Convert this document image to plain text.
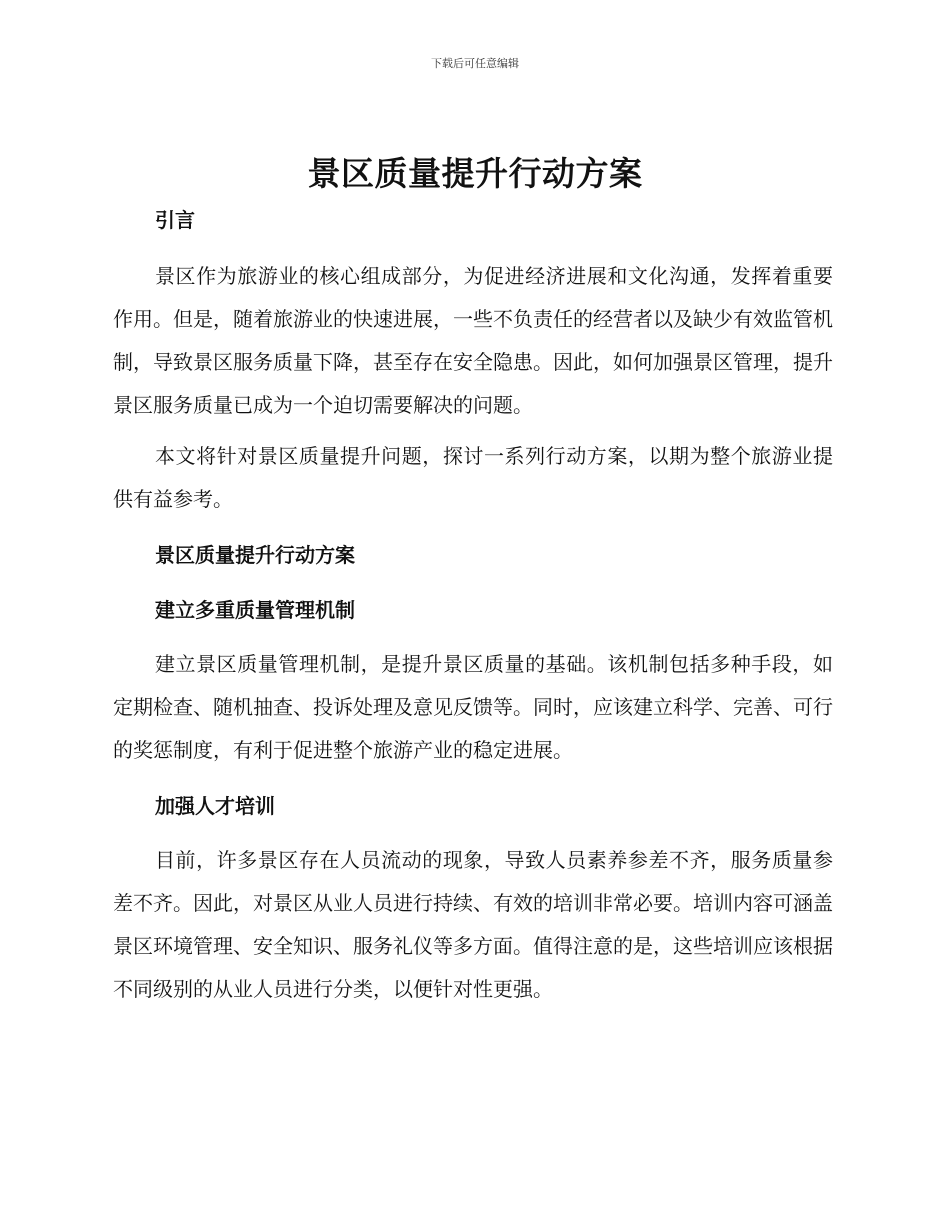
下载后可任意编辑
景区质量提升行动方案

引言

景区作为旅游业的核心组成部分，为促进经济进展和文化沟通，发挥着重要作用。但是，随着旅游业的快速进展，一些不负责任的经营者以及缺少有效监管机制，导致景区服务质量下降，甚至存在安全隐患。因此，如何加强景区管理，提升景区服务质量已成为一个迫切需要解决的问题。

本文将针对景区质量提升问题，探讨一系列行动方案，以期为整个旅游业提供有益参考。

景区质量提升行动方案

建立多重质量管理机制

建立景区质量管理机制，是提升景区质量的基础。该机制包括多种手段，如定期检查、随机抽查、投诉处理及意见反馈等。同时，应该建立科学、完善、可行的奖惩制度，有利于促进整个旅游产业的稳定进展。

加强人才培训

目前，许多景区存在人员流动的现象，导致人员素养参差不齐，服务质量参差不齐。因此，对景区从业人员进行持续、有效的培训非常必要。培训内容可涵盖景区环境管理、安全知识、服务礼仪等多方面。值得注意的是，这些培训应该根据不同级别的从业人员进行分类，以便针对性更强。
